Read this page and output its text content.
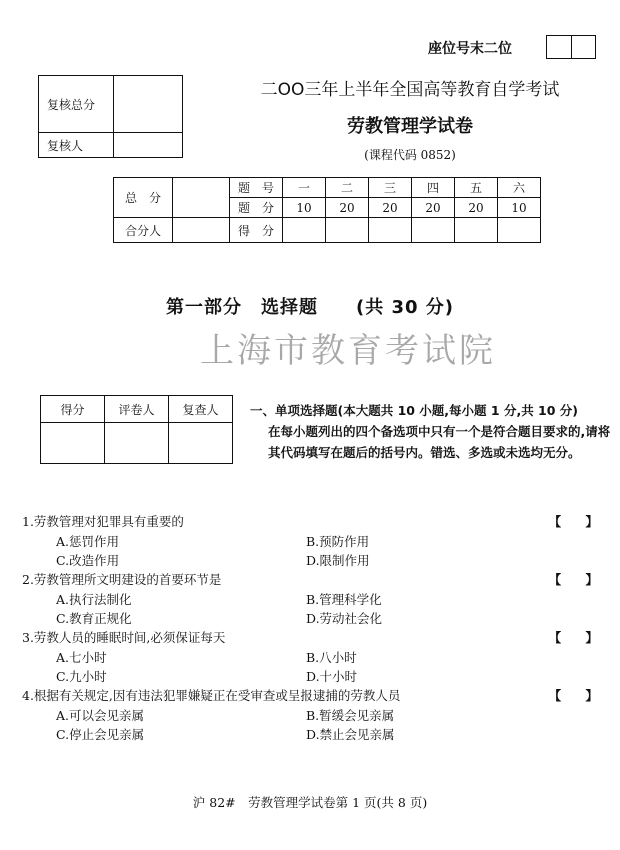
座位号末二位
复核总分	
复核人	
二OO三年上半年全国高等教育自学考试
劳教管理学试卷
(课程代码 0852)
总　分		题　号	一	二	三	四	五	六
		题　分	10	20	20	20	20	10
合分人		得　分						
第一部分　选择题　　(共 30 分)
上海市教育考试院
得分	评卷人	复查人
			一、单项选择题(本大题共 10 小题,每小题 1 分,共 10 分)
在每小题列出的四个备选项中只有一个是符合题目要求的,请将其代码填写在题后的括号内。错选、多选或未选均无分。
1.劳教管理对犯罪具有重要的	【 】
A.惩罚作用	B.预防作用
C.改造作用	D.限制作用
2.劳教管理所文明建设的首要环节是	【 】
A.执行法制化	B.管理科学化
C.教育正规化	D.劳动社会化
3.劳教人员的睡眠时间,必须保证每天	【 】
A.七小时	B.八小时
C.九小时	D.十小时
4.根据有关规定,因有违法犯罪嫌疑正在受审查或呈报逮捕的劳教人员	【 】
A.可以会见亲属	B.暂缓会见亲属
C.停止会见亲属	D.禁止会见亲属
沪 82#　劳教管理学试卷第 1 页(共 8 页)
